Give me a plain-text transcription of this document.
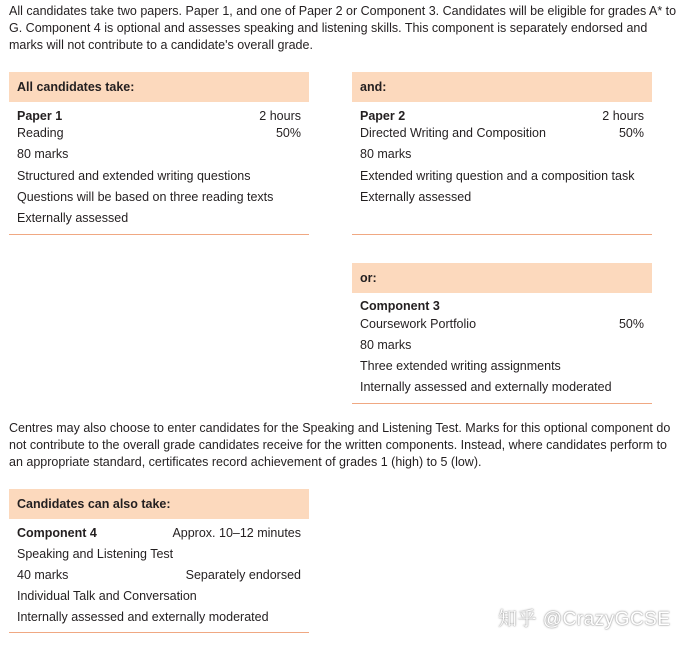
All candidates take two papers. Paper 1, and one of Paper 2 or Component 3. Candidates will be eligible for grades A* to G. Component 4 is optional and assesses speaking and listening skills. This component is separately endorsed and marks will not contribute to a candidate's overall grade.

All candidates take:
Paper 1	2 hours
Reading	50%
80 marks
Structured and extended writing questions
Questions will be based on three reading texts
Externally assessed
and:
Paper 2	2 hours
Directed Writing and Composition	50%
80 marks
Extended writing question and a composition task
Externally assessed
or:
Component 3
Coursework Portfolio	50%
80 marks
Three extended writing assignments
Internally assessed and externally moderated

Centres may also choose to enter candidates for the Speaking and Listening Test. Marks for this optional component do not contribute to the overall grade candidates receive for the written components. Instead, where candidates perform to an appropriate standard, certificates record achievement of grades 1 (high) to 5 (low).

Candidates can also take:
Component 4	Approx. 10–12 minutes
Speaking and Listening Test
40 marks	Separately endorsed
Individual Talk and Conversation
Internally assessed and externally moderated	知乎 @CrazyGCSE
